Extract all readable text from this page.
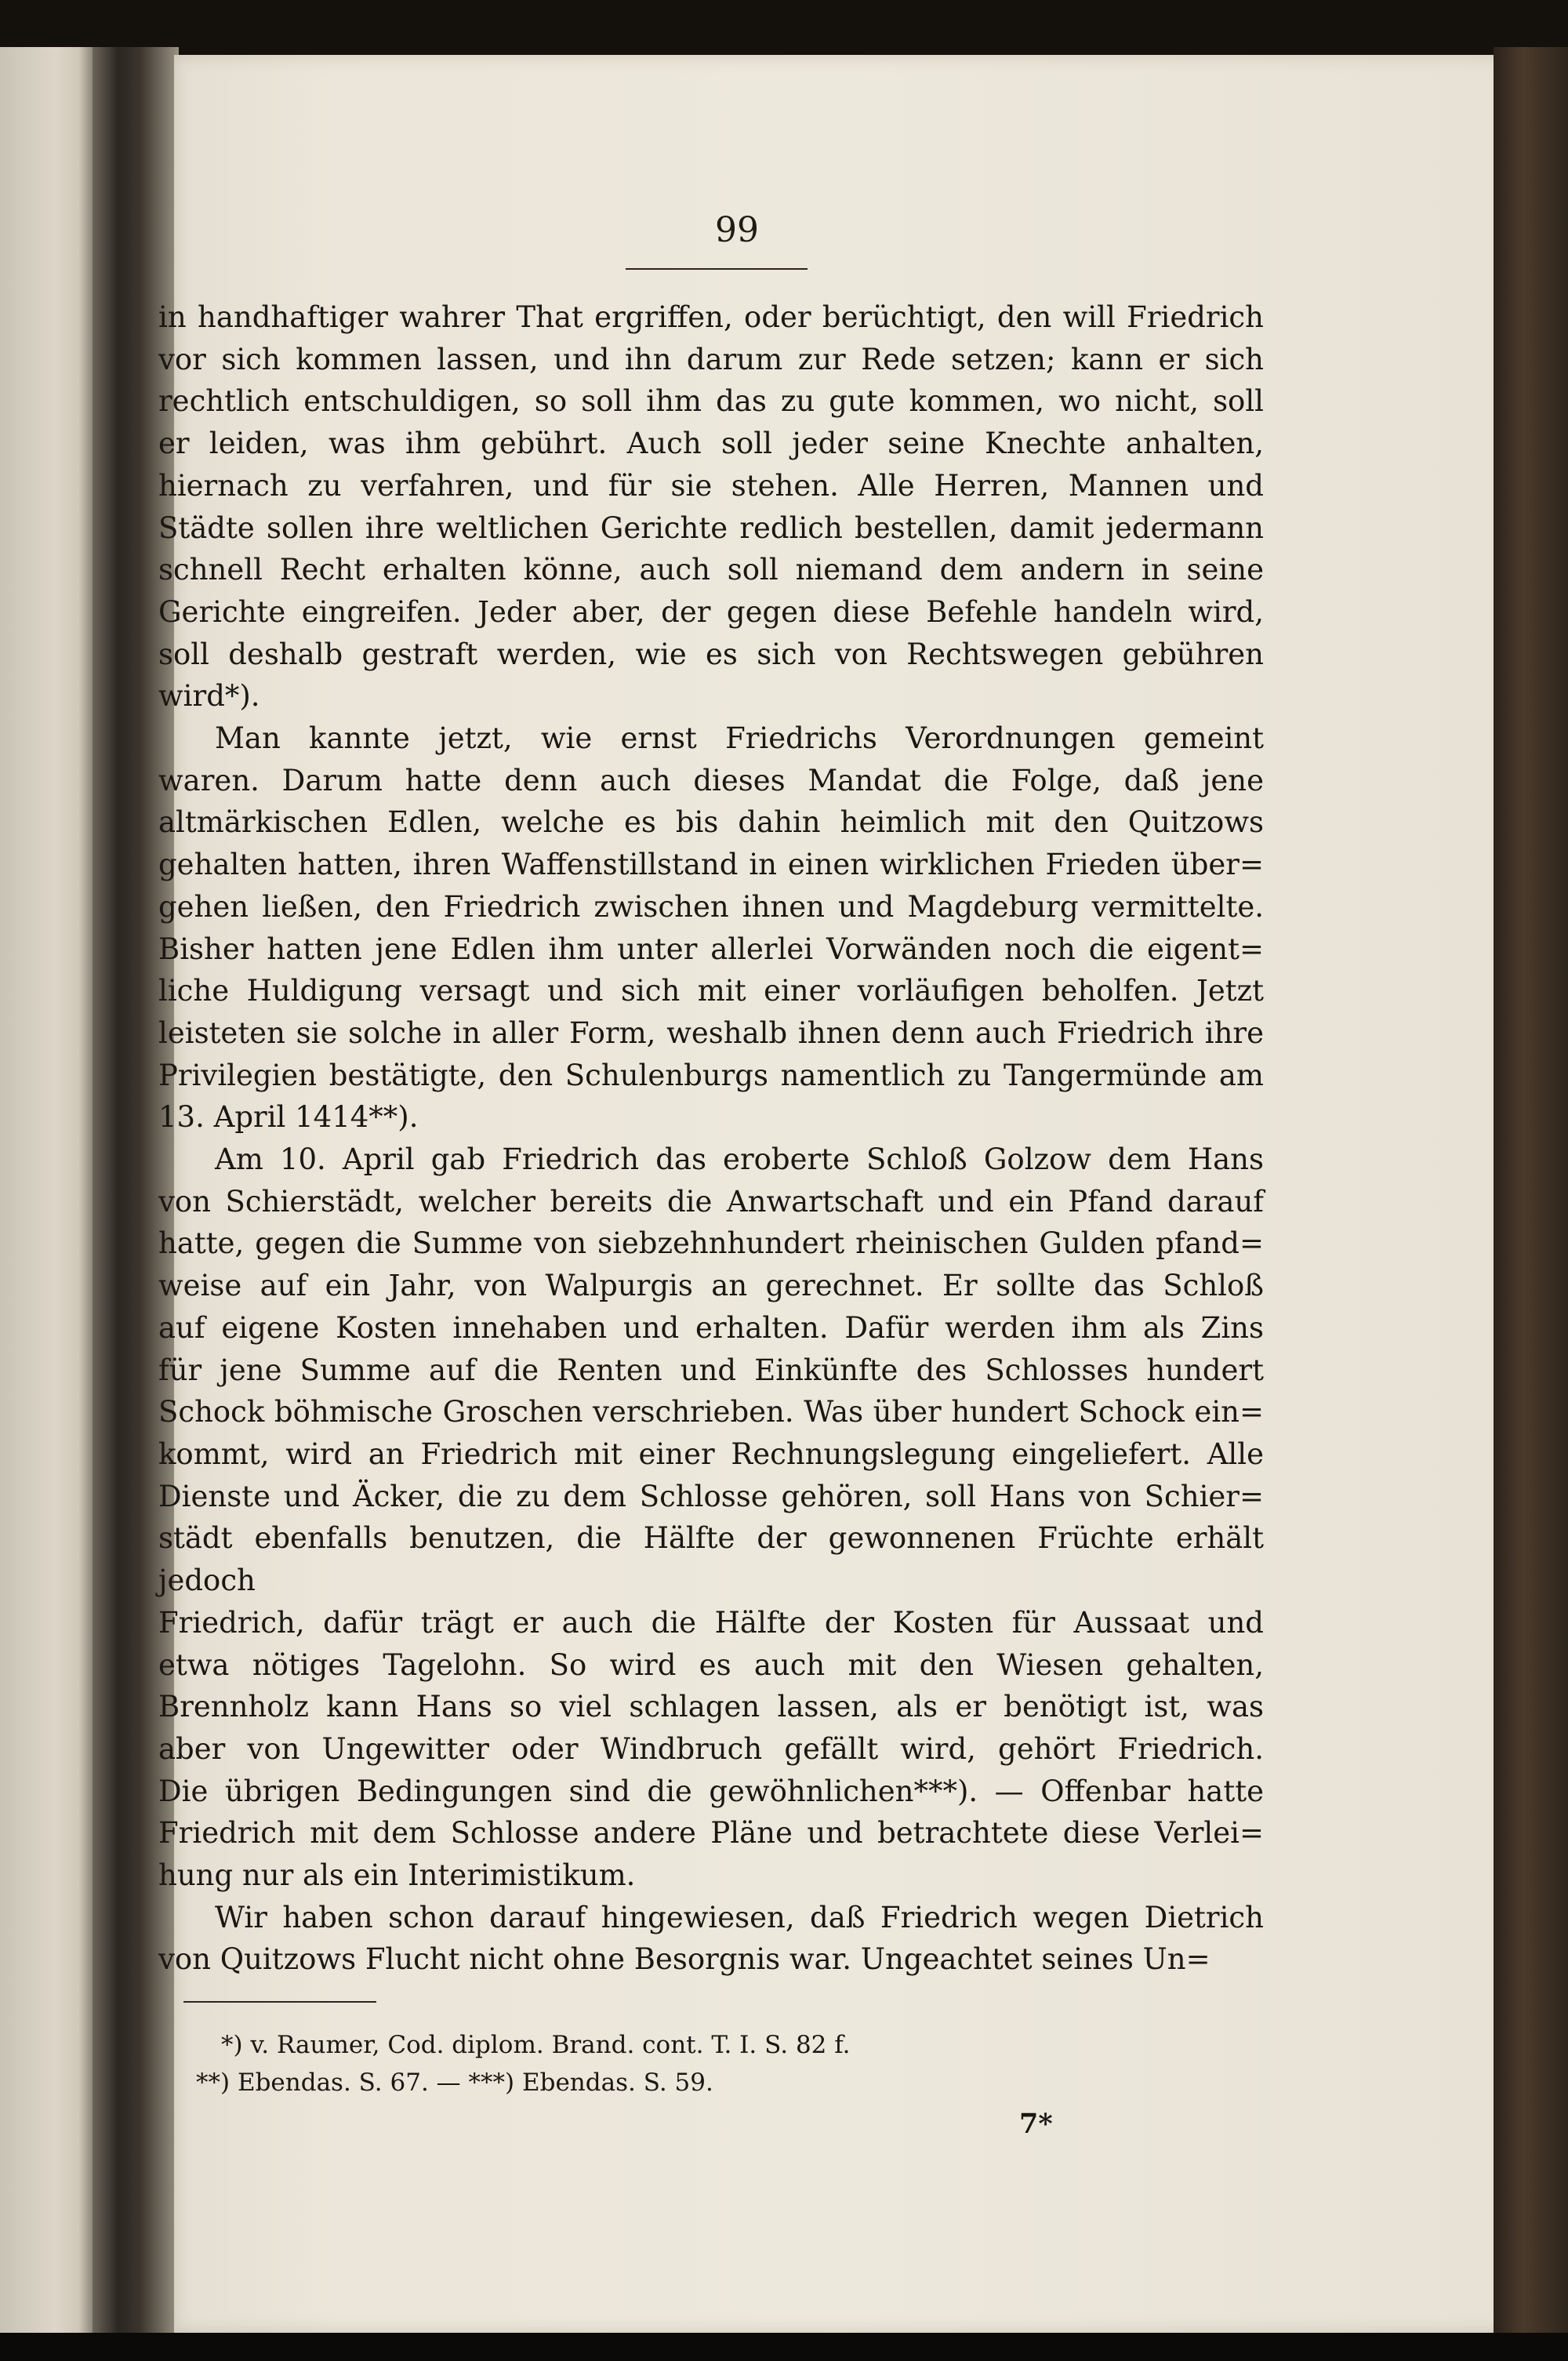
99

in handhaftiger wahrer That ergriffen, oder berüchtigt, den will Friedrich
vor sich kommen lassen, und ihn darum zur Rede setzen; kann er sich
rechtlich entschuldigen, so soll ihm das zu gute kommen, wo nicht, soll
er leiden, was ihm gebührt. Auch soll jeder seine Knechte anhalten,
hiernach zu verfahren, und für sie stehen. Alle Herren, Mannen und
Städte sollen ihre weltlichen Gerichte redlich bestellen, damit jedermann
schnell Recht erhalten könne, auch soll niemand dem andern in seine
Gerichte eingreifen. Jeder aber, der gegen diese Befehle handeln wird,
soll deshalb gestraft werden, wie es sich von Rechtswegen gebühren
wird*).

Man kannte jetzt, wie ernst Friedrichs Verordnungen gemeint
waren. Darum hatte denn auch dieses Mandat die Folge, daß jene
altmärkischen Edlen, welche es bis dahin heimlich mit den Quitzows
gehalten hatten, ihren Waffenstillstand in einen wirklichen Frieden über=
gehen ließen, den Friedrich zwischen ihnen und Magdeburg vermittelte.
Bisher hatten jene Edlen ihm unter allerlei Vorwänden noch die eigent=
liche Huldigung versagt und sich mit einer vorläufigen beholfen. Jetzt
leisteten sie solche in aller Form, weshalb ihnen denn auch Friedrich ihre
Privilegien bestätigte, den Schulenburgs namentlich zu Tangermünde am
13. April 1414**).

Am 10. April gab Friedrich das eroberte Schloß Golzow dem Hans
von Schierstädt, welcher bereits die Anwartschaft und ein Pfand darauf
hatte, gegen die Summe von siebzehnhundert rheinischen Gulden pfand=
weise auf ein Jahr, von Walpurgis an gerechnet. Er sollte das Schloß
auf eigene Kosten innehaben und erhalten. Dafür werden ihm als Zins
für jene Summe auf die Renten und Einkünfte des Schlosses hundert
Schock böhmische Groschen verschrieben. Was über hundert Schock ein=
kommt, wird an Friedrich mit einer Rechnungslegung eingeliefert. Alle
Dienste und Äcker, die zu dem Schlosse gehören, soll Hans von Schier=
städt ebenfalls benutzen, die Hälfte der gewonnenen Früchte erhält jedoch
Friedrich, dafür trägt er auch die Hälfte der Kosten für Aussaat und
etwa nötiges Tagelohn. So wird es auch mit den Wiesen gehalten,
Brennholz kann Hans so viel schlagen lassen, als er benötigt ist, was
aber von Ungewitter oder Windbruch gefällt wird, gehört Friedrich.
Die übrigen Bedingungen sind die gewöhnlichen***). — Offenbar hatte
Friedrich mit dem Schlosse andere Pläne und betrachtete diese Verlei=
hung nur als ein Interimistikum.

Wir haben schon darauf hingewiesen, daß Friedrich wegen Dietrich
von Quitzows Flucht nicht ohne Besorgnis war. Ungeachtet seines Un=

*) v. Raumer, Cod. diplom. Brand. cont. T. I. S. 82 f.
**) Ebendas. S. 67. — ***) Ebendas. S. 59.
7*
